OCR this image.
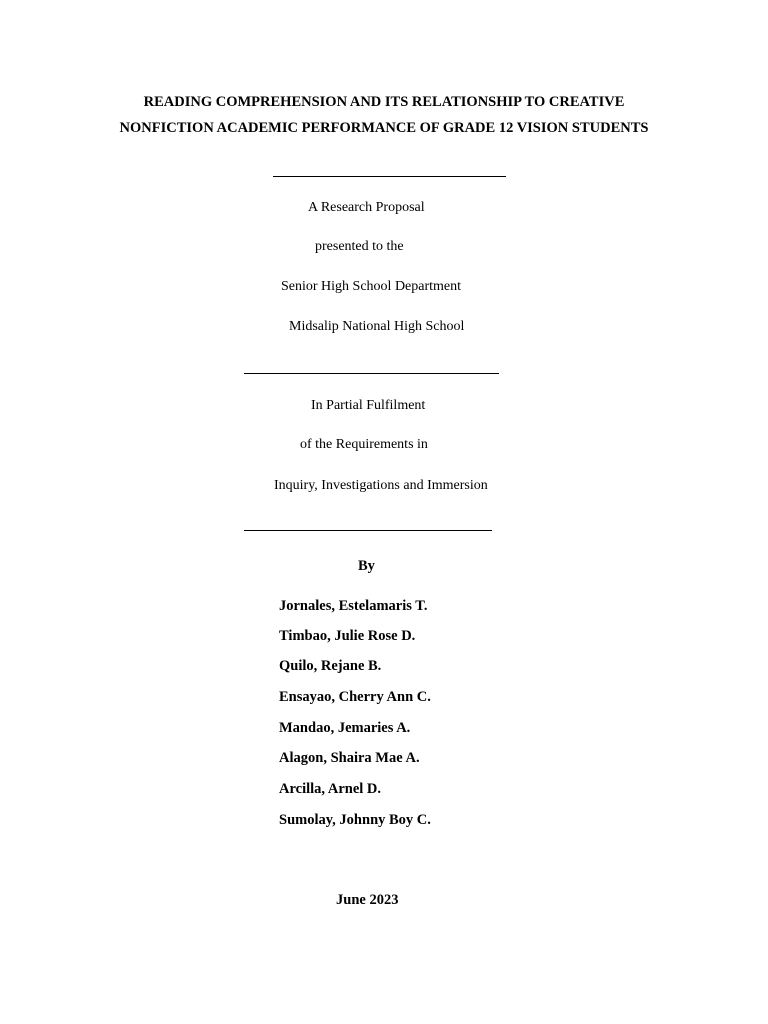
READING COMPREHENSION AND ITS RELATIONSHIP TO CREATIVE
NONFICTION ACADEMIC PERFORMANCE OF GRADE 12 VISION STUDENTS
A Research Proposal
presented to the
Senior High School Department
Midsalip National High School
In Partial Fulfilment
of the Requirements in
Inquiry, Investigations and Immersion
By
Jornales, Estelamaris T.
Timbao, Julie Rose D.
Quilo, Rejane B.
Ensayao, Cherry Ann C.
Mandao, Jemaries A.
Alagon, Shaira Mae A.
Arcilla, Arnel D.
Sumolay, Johnny Boy C.
June 2023
